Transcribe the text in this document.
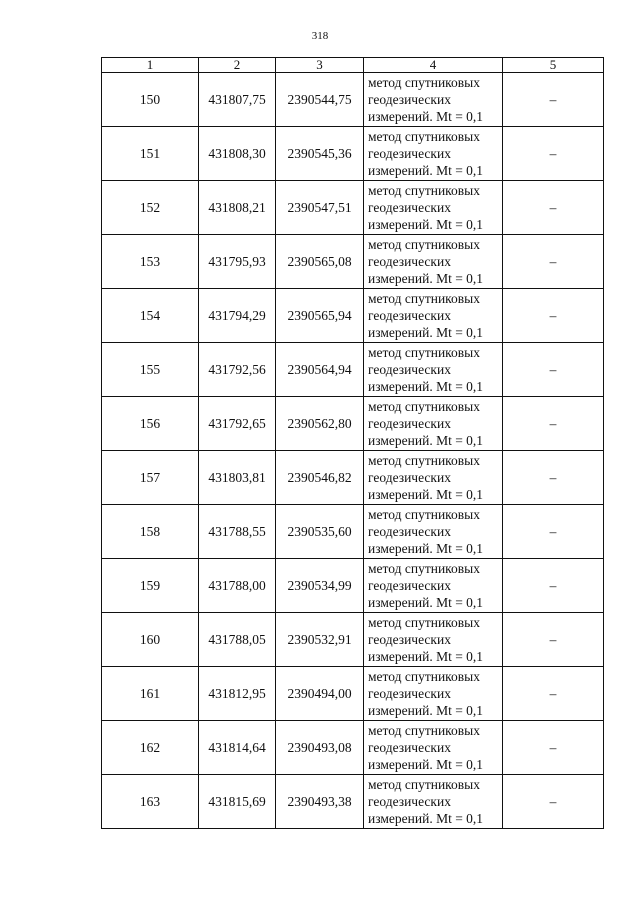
318
1	2	3	4	5
150	431807,75	2390544,75	метод спутниковых
геодезических
измерений. Mt = 0,1	–
151	431808,30	2390545,36	метод спутниковых
геодезических
измерений. Mt = 0,1	–
152	431808,21	2390547,51	метод спутниковых
геодезических
измерений. Mt = 0,1	–
153	431795,93	2390565,08	метод спутниковых
геодезических
измерений. Mt = 0,1	–
154	431794,29	2390565,94	метод спутниковых
геодезических
измерений. Mt = 0,1	–
155	431792,56	2390564,94	метод спутниковых
геодезических
измерений. Mt = 0,1	–
156	431792,65	2390562,80	метод спутниковых
геодезических
измерений. Mt = 0,1	–
157	431803,81	2390546,82	метод спутниковых
геодезических
измерений. Mt = 0,1	–
158	431788,55	2390535,60	метод спутниковых
геодезических
измерений. Mt = 0,1	–
159	431788,00	2390534,99	метод спутниковых
геодезических
измерений. Mt = 0,1	–
160	431788,05	2390532,91	метод спутниковых
геодезических
измерений. Mt = 0,1	–
161	431812,95	2390494,00	метод спутниковых
геодезических
измерений. Mt = 0,1	–
162	431814,64	2390493,08	метод спутниковых
геодезических
измерений. Mt = 0,1	–
163	431815,69	2390493,38	метод спутниковых
геодезических
измерений. Mt = 0,1	–
